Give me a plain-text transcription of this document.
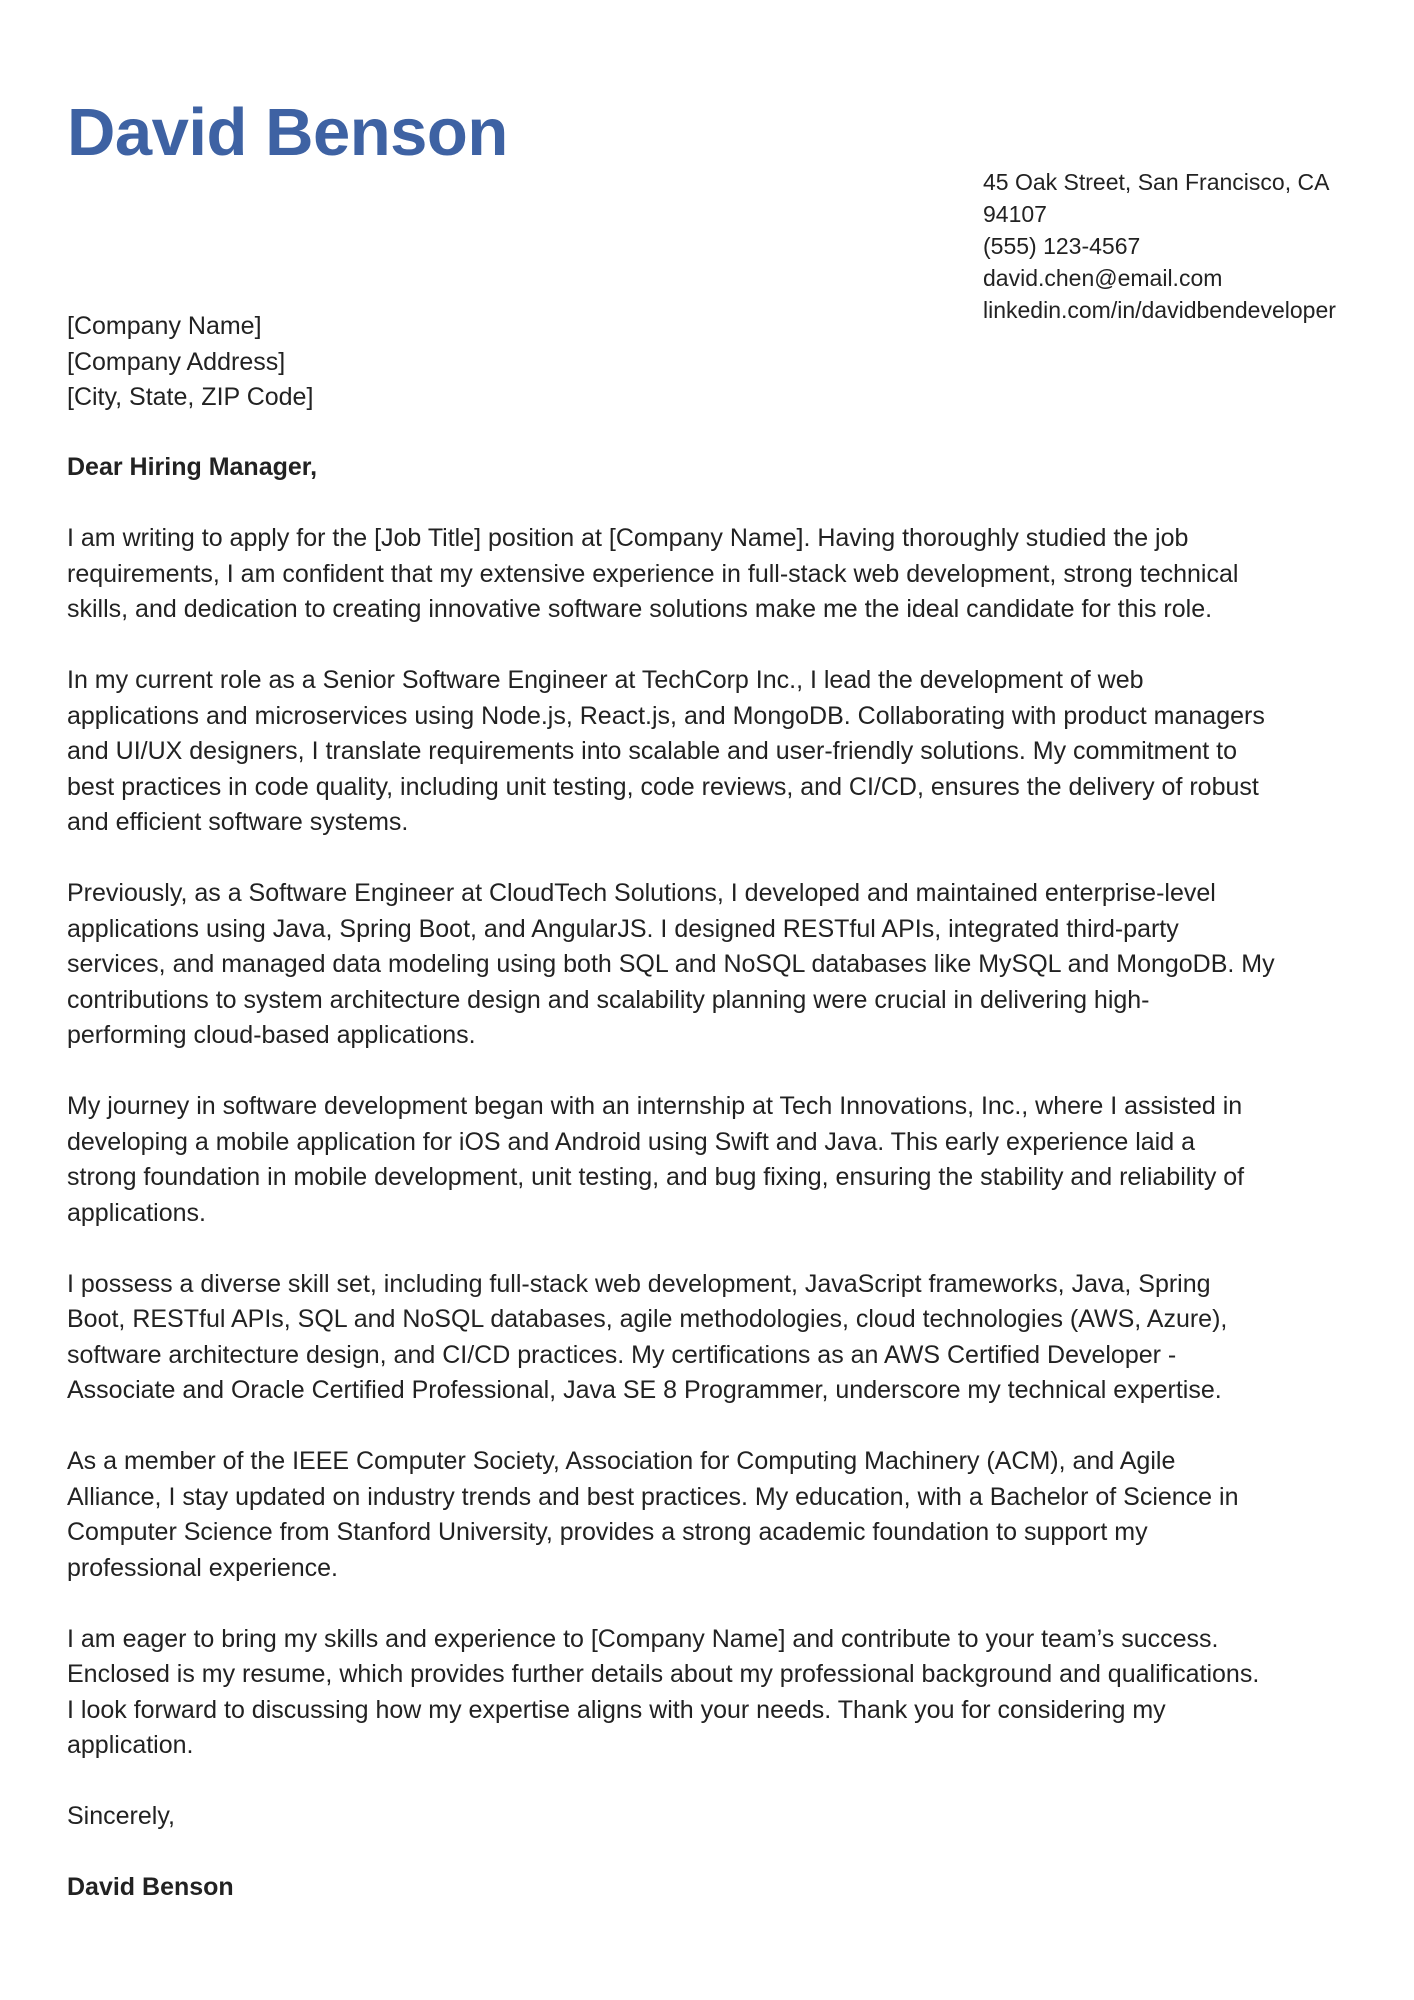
David Benson
45 Oak Street, San Francisco, CA
94107
(555) 123-4567
david.chen@email.com
linkedin.com/in/davidbendeveloper
[Company Name]
[Company Address]
[City, State, ZIP Code]

Dear Hiring Manager,

I am writing to apply for the [Job Title] position at [Company Name]. Having thoroughly studied the job
requirements, I am confident that my extensive experience in full-stack web development, strong technical
skills, and dedication to creating innovative software solutions make me the ideal candidate for this role.

In my current role as a Senior Software Engineer at TechCorp Inc., I lead the development of web
applications and microservices using Node.js, React.js, and MongoDB. Collaborating with product managers
and UI/UX designers, I translate requirements into scalable and user-friendly solutions. My commitment to
best practices in code quality, including unit testing, code reviews, and CI/CD, ensures the delivery of robust
and efficient software systems.

Previously, as a Software Engineer at CloudTech Solutions, I developed and maintained enterprise-level
applications using Java, Spring Boot, and AngularJS. I designed RESTful APIs, integrated third-party
services, and managed data modeling using both SQL and NoSQL databases like MySQL and MongoDB. My
contributions to system architecture design and scalability planning were crucial in delivering high-
performing cloud-based applications.

My journey in software development began with an internship at Tech Innovations, Inc., where I assisted in
developing a mobile application for iOS and Android using Swift and Java. This early experience laid a
strong foundation in mobile development, unit testing, and bug fixing, ensuring the stability and reliability of
applications.

I possess a diverse skill set, including full-stack web development, JavaScript frameworks, Java, Spring
Boot, RESTful APIs, SQL and NoSQL databases, agile methodologies, cloud technologies (AWS, Azure),
software architecture design, and CI/CD practices. My certifications as an AWS Certified Developer -
Associate and Oracle Certified Professional, Java SE 8 Programmer, underscore my technical expertise.

As a member of the IEEE Computer Society, Association for Computing Machinery (ACM), and Agile
Alliance, I stay updated on industry trends and best practices. My education, with a Bachelor of Science in
Computer Science from Stanford University, provides a strong academic foundation to support my
professional experience.

I am eager to bring my skills and experience to [Company Name] and contribute to your team’s success.
Enclosed is my resume, which provides further details about my professional background and qualifications.
I look forward to discussing how my expertise aligns with your needs. Thank you for considering my
application.

Sincerely,

David Benson
